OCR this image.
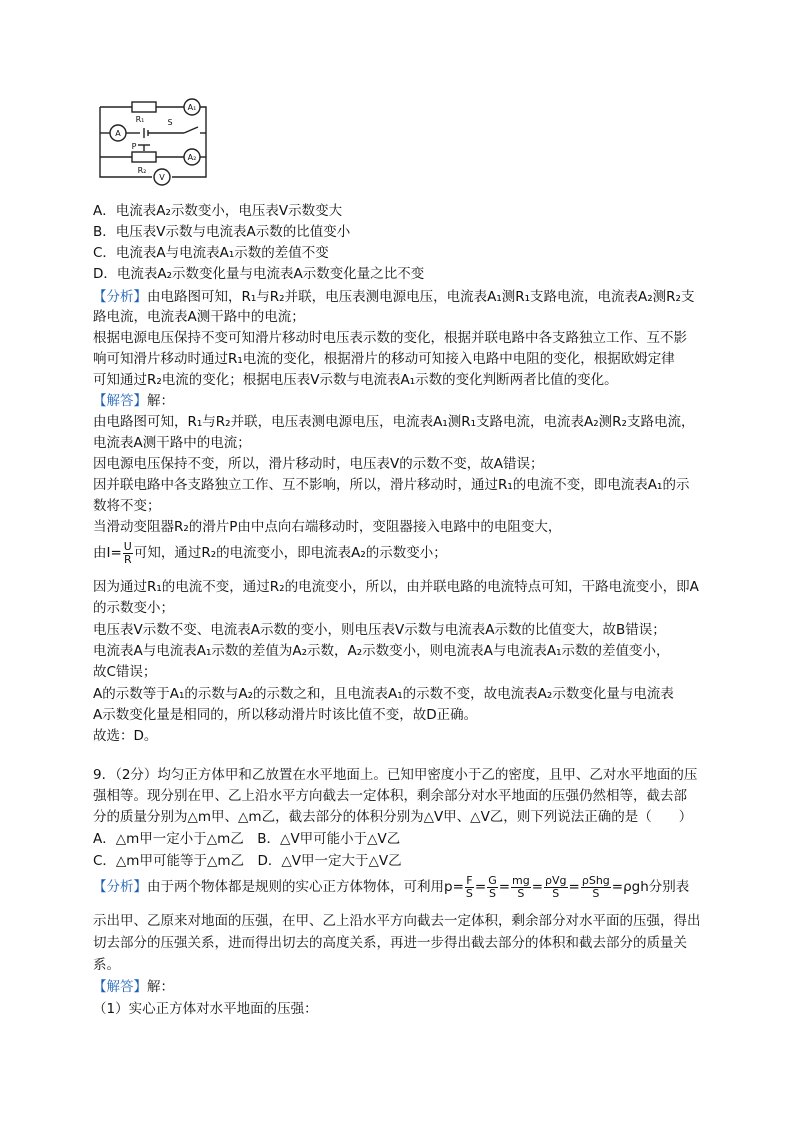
R₁
A₁
A
S
P
A₂
R₂
V
A．电流表A₂示数变小，电压表V示数变大
B．电压表V示数与电流表A示数的比值变小
C．电流表A与电流表A₁示数的差值不变
D．电流表A₂示数变化量与电流表A示数变化量之比不变
【分析】由电路图可知，R₁与R₂并联，电压表测电源电压，电流表A₁测R₁支路电流，电流表A₂测R₂支
路电流，电流表A测干路中的电流；
根据电源电压保持不变可知滑片移动时电压表示数的变化，根据并联电路中各支路独立工作、互不影
响可知滑片移动时通过R₁电流的变化，根据滑片的移动可知接入电路中电阻的变化，根据欧姆定律
可知通过R₂电流的变化；根据电压表V示数与电流表A₁示数的变化判断两者比值的变化。
【解答】解：
由电路图可知，R₁与R₂并联，电压表测电源电压，电流表A₁测R₁支路电流，电流表A₂测R₂支路电流，
电流表A测干路中的电流；
因电源电压保持不变，所以，滑片移动时，电压表V的示数不变，故A错误；
因并联电路中各支路独立工作、互不影响，所以，滑片移动时，通过R₁的电流不变，即电流表A₁的示
数将不变；
当滑动变阻器R₂的滑片P由中点向右端移动时，变阻器接入电路中的电阻变大，
由$I= \frac{U}{R}$ 可知，通过R₂的电流变小，即电流表A₂的示数变小；
因为通过R₁的电流不变，通过R₂的电流变小，所以，由并联电路的电流特点可知，干路电流变小，即A
的示数变小；
电压表V示数不变、电流表A示数的变小，则电压表V示数与电流表A示数的比值变大，故B错误；
电流表A与电流表A₁示数的差值为A₂示数，A₂示数变小，则电流表A与电流表A₁示数的差值变小，
故C错误；
A的示数等于A₁的示数与A₂的示数之和，且电流表A₁的示数不变，故电流表A₂示数变化量与电流表
A示数变化量是相同的，所以移动滑片时该比值不变，故D正确。
故选：D。
9．（2分）均匀正方体甲和乙放置在水平地面上。已知甲密度小于乙的密度，且甲、乙对水平地面的压
强相等。现分别在甲、乙上沿水平方向截去一定体积，剩余部分对水平地面的压强仍然相等，截去部
分的质量分别为△m甲、△m乙，截去部分的体积分别为△V甲、△V乙，则下列说法正确的是（　　）
A．△m甲一定小于△m乙　B．△V甲可能小于△V乙
C．△m甲可能等于△m乙　D．△V甲一定大于△V乙
【分析】由于两个物体都是规则的实心正方体物体，可利用$p= \frac{F}{S} = \frac{G}{S} = \frac{mg}{S} = \frac{\text{ρVg}}{S} = \frac{\text{ρShg}}{S} =\rho gh$分别表
示出甲、乙原来对地面的压强，在甲、乙上沿水平方向截去一定体积，剩余部分对水平面的压强，得出
切去部分的压强关系，进而得出切去的高度关系，再进一步得出截去部分的体积和截去部分的质量关
系。
【解答】解：
（1）实心正方体对水平地面的压强：
